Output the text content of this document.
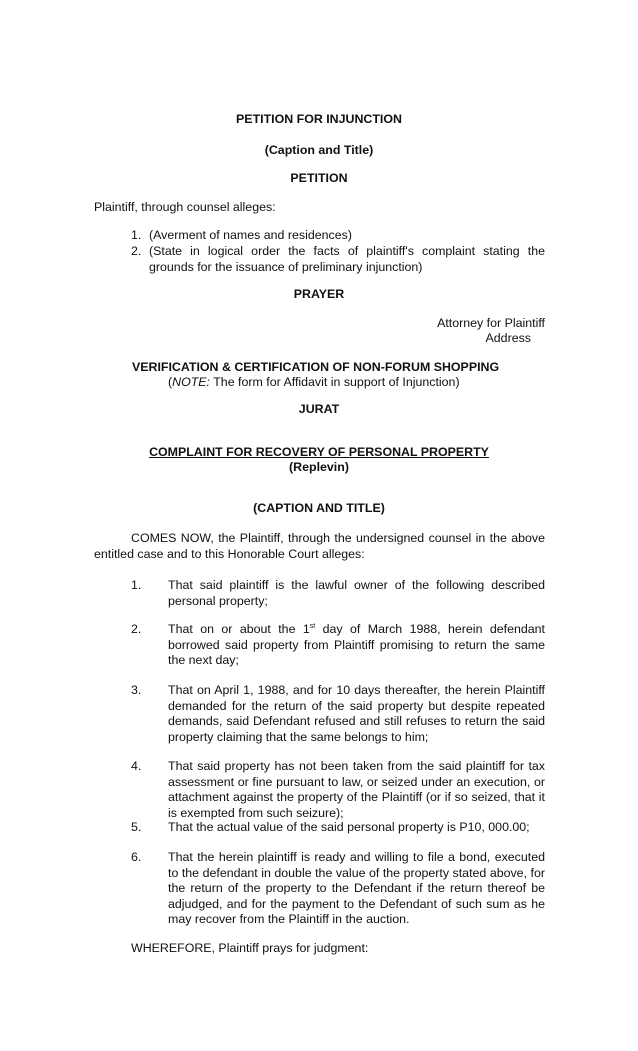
PETITION FOR INJUNCTION
(Caption and Title)
PETITION
Plaintiff, through counsel alleges:
1. (Averment of names and residences)
2. (State in logical order the facts of plaintiff's complaint stating the grounds for the issuance of preliminary injunction)
PRAYER
Attorney for Plaintiff
Address
VERIFICATION & CERTIFICATION OF NON-FORUM SHOPPING
(NOTE: The form for Affidavit in support of Injunction)
JURAT
COMPLAINT FOR RECOVERY OF PERSONAL PROPERTY
(Replevin)
(CAPTION AND TITLE)
COMES NOW, the Plaintiff, through the undersigned counsel in the above entitled case and to this Honorable Court alleges:
1. That said plaintiff is the lawful owner of the following described personal property;
2. That on or about the 1st day of March 1988, herein defendant borrowed said property from Plaintiff promising to return the same the next day;
3. That on April 1, 1988, and for 10 days thereafter, the herein Plaintiff demanded for the return of the said property but despite repeated demands, said Defendant refused and still refuses to return the said property claiming that the same belongs to him;
4. That said property has not been taken from the said plaintiff for tax assessment or fine pursuant to law, or seized under an execution, or attachment against the property of the Plaintiff (or if so seized, that it is exempted from such seizure);
5. That the actual value of the said personal property is P10, 000.00;
6. That the herein plaintiff is ready and willing to file a bond, executed to the defendant in double the value of the property stated above, for the return of the property to the Defendant if the return thereof be adjudged, and for the payment to the Defendant of such sum as he may recover from the Plaintiff in the auction.
WHEREFORE, Plaintiff prays for judgment:
